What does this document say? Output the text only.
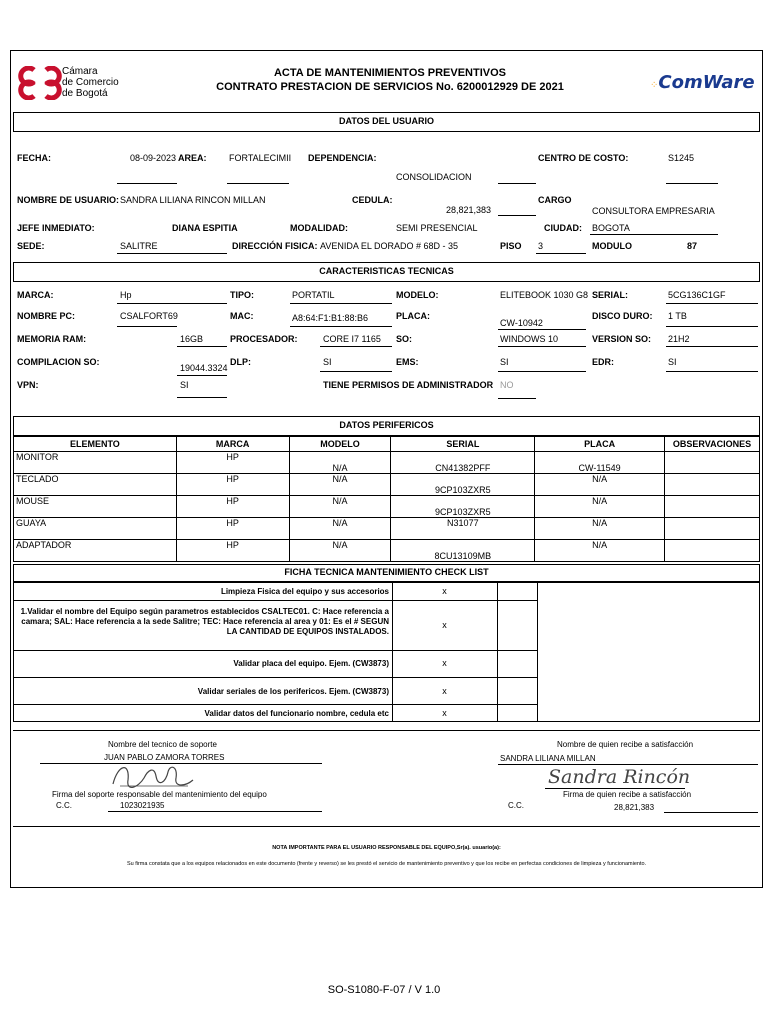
Cámara
de Comercio
de Bogotá
ACTA DE MANTENIMIENTOS PREVENTIVOS
CONTRATO PRESTACION DE SERVICIOS No. 6200012929 DE 2021	⁘ComWare
DATOS DEL USUARIO
FECHA:	08-09-2023 AREA:	FORTALECIMII DEPENDENCIA:
CONSOLIDACION
CENTRO DE COSTO:	S1245
NOMBRE DE USUARIO: SANDRA LILIANA RINCON MILLAN	CEDULA:
28,821,383
CARGO
CONSULTORA EMPRESARIA
JEFE INMEDIATO:	DIANA ESPITIA	MODALIDAD:	SEMI PRESENCIAL	CIUDAD: BOGOTA
SEDE:	SALITRE	DIRECCIÓN FISICA: AVENIDA EL DORADO # 68D - 35	PISO 3	MODULO	87
CARACTERISTICAS TECNICAS
MARCA:	Hp	TIPO:	PORTATIL	MODELO:	ELITEBOOK 1030 G8 SERIAL:	5CG136C1GF
NOMBRE PC:	CSALFORT69	MAC:	A8:64:F1:B1:88:B6	PLACA:
CW-10942
DISCO DURO: 1 TB
MEMORIA RAM:	16GB	PROCESADOR:	CORE I7 1165 SO:	WINDOWS 10	VERSION SO: 21H2
COMPILACION SO:
19044.3324
DLP:	SI	EMS:	SI	EDR:	SI
VPN:	SI	TIENE PERMISOS DE ADMINISTRADOR NO
DATOS PERIFERICOS
ELEMENTO	MARCA	MODELO	SERIAL	PLACA	OBSERVACIONES
MONITOR	HP	N/A	CN41382PFF	CW-11549	
TECLADO	HP	N/A	9CP103ZXR5	N/A	
MOUSE	HP	N/A	9CP103ZXR5	N/A	
GUAYA	HP	N/A	N31077	N/A	
ADAPTADOR	HP	N/A	8CU13109MB	N/A	
FICHA TECNICA MANTENIMIENTO CHECK LIST
Limpieza Fisica del equipo y sus accesorios	x
1.Validar el nombre del Equipo según parametros establecidos CSALTEC01. C: Hace referencia a camara; SAL: Hace referencia a la sede Salitre; TEC: Hace referencia al area y 01: Es el # SEGUN LA CANTIDAD DE EQUIPOS INSTALADOS.
x
Validar placa del equipo. Ejem. (CW3873)	x
Validar seriales de los perifericos. Ejem. (CW3873)	x
Validar datos del funcionario nombre, cedula etc	x
Nombre del tecnico de soporte
JUAN PABLO ZAMORA TORRES
Firma del soporte responsable del mantenimiento del equipo
C.C.	1023021935
Nombre de quien recibe a satisfacción
SANDRA LILIANA MILLAN
Sandra Rincón
Firma de quien recibe a satisfacción
C.C.	28,821,383
NOTA IMPORTANTE PARA EL USUARIO RESPONSABLE DEL EQUIPO,Sr(a). usuario(a):
Su firma constata que a los equipos relacionados en este documento (frente y reverso) se les prestó el servicio de mantenimiento preventivo y que los recibe en perfectas condiciones de limpieza y funcionamiento.
SO-S1080-F-07 / V 1.0
